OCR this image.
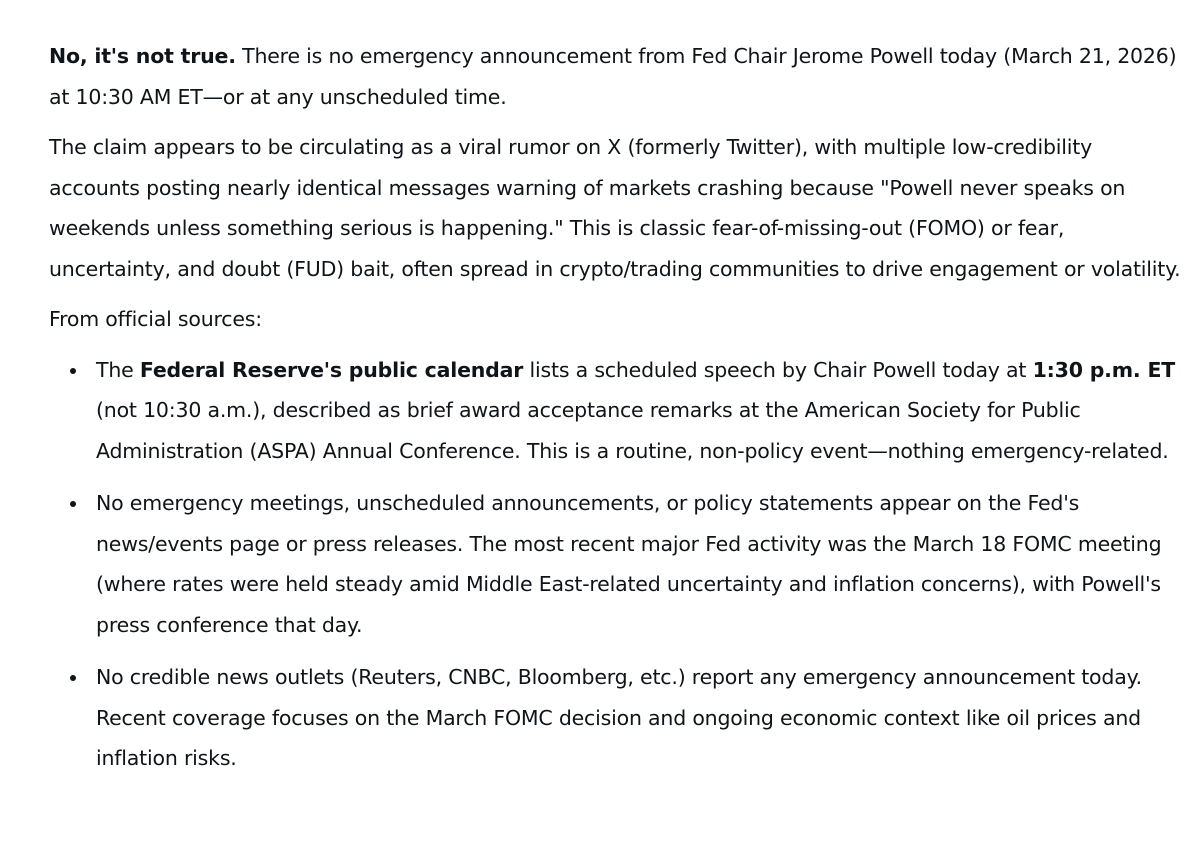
No, it's not true. There is no emergency announcement from Fed Chair Jerome Powell today (March 21, 2026) at 10:30 AM ET—or at any unscheduled time.

The claim appears to be circulating as a viral rumor on X (formerly Twitter), with multiple low-credibility accounts posting nearly identical messages warning of markets crashing because "Powell never speaks on weekends unless something serious is happening." This is classic fear-of-missing-out (FOMO) or fear, uncertainty, and doubt (FUD) bait, often spread in crypto/trading communities to drive engagement or volatility.

From official sources:

The Federal Reserve's public calendar lists a scheduled speech by Chair Powell today at 1:30 p.m. ET (not 10:30 a.m.), described as brief award acceptance remarks at the American Society for Public Administration (ASPA) Annual Conference. This is a routine, non-policy event—nothing emergency-related.
No emergency meetings, unscheduled announcements, or policy statements appear on the Fed's news/events page or press releases. The most recent major Fed activity was the March 18 FOMC meeting (where rates were held steady amid Middle East-related uncertainty and inflation concerns), with Powell's press conference that day.
No credible news outlets (Reuters, CNBC, Bloomberg, etc.) report any emergency announcement today. Recent coverage focuses on the March FOMC decision and ongoing economic context like oil prices and inflation risks.
